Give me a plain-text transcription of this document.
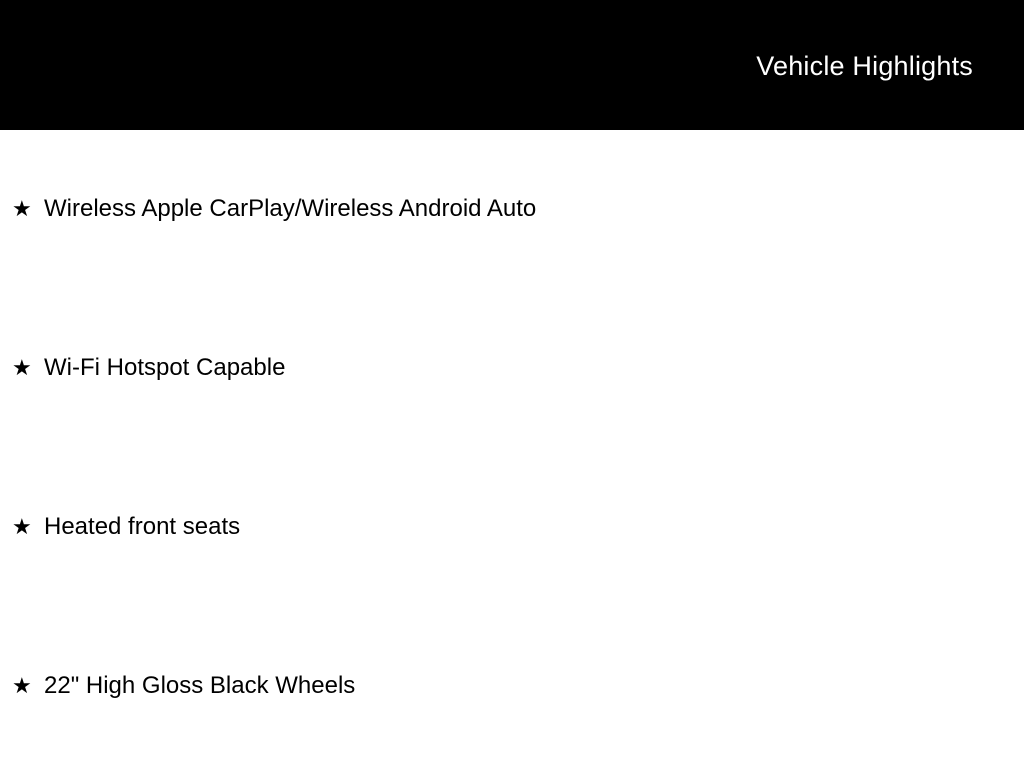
Vehicle Highlights
★ Wireless Apple CarPlay/Wireless Android Auto
★ Wi-Fi Hotspot Capable
★ Heated front seats
★ 22" High Gloss Black Wheels
